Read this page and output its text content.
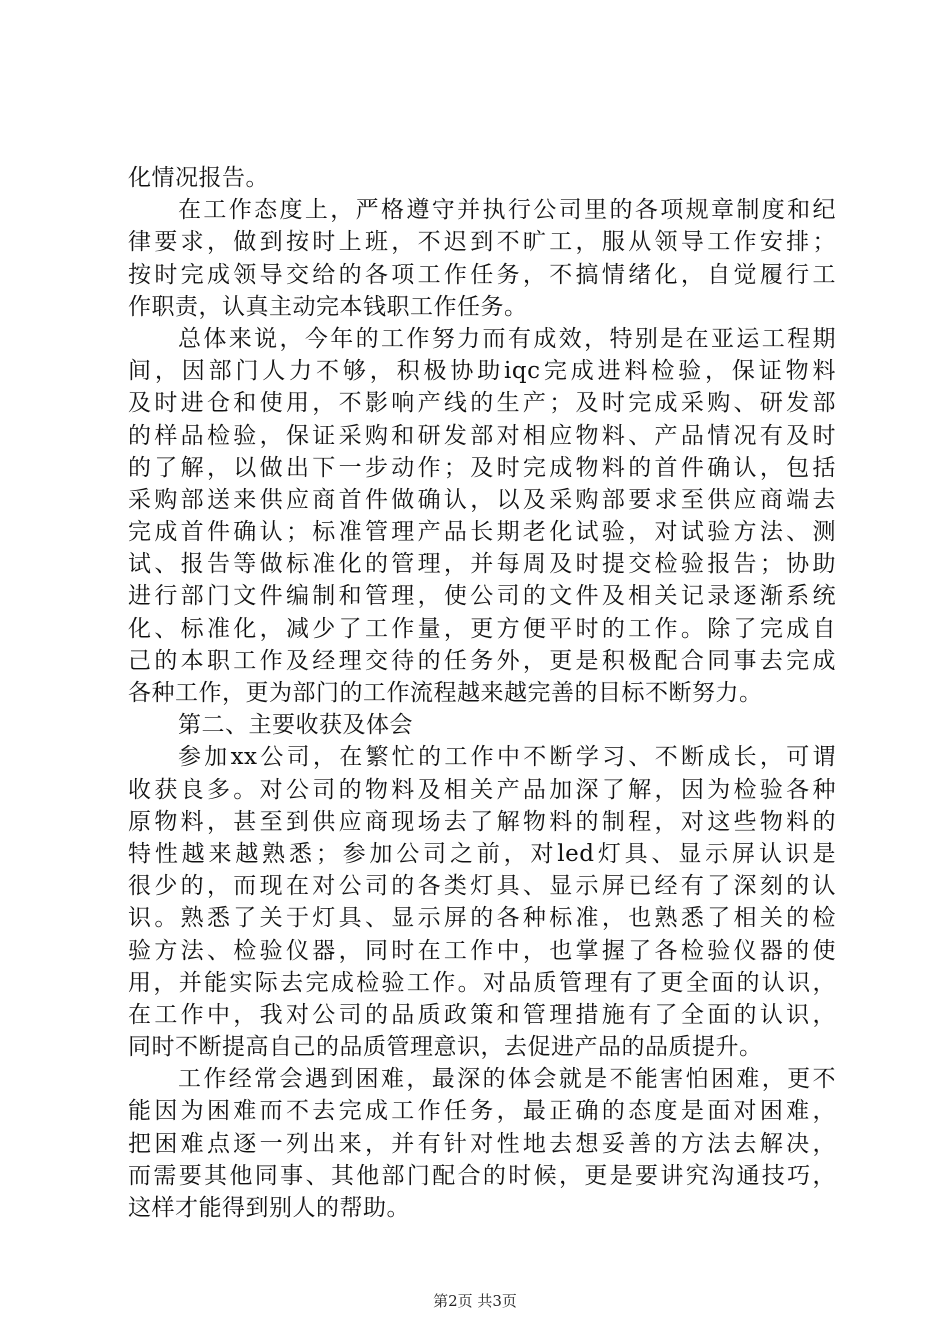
化情况报告。
在工作态度上，严格遵守并执行公司里的各项规章制度和纪
律要求，做到按时上班，不迟到不旷工，服从领导工作安排；
按时完成领导交给的各项工作任务，不搞情绪化，自觉履行工
作职责，认真主动完本钱职工作任务。
总体来说，今年的工作努力而有成效，特别是在亚运工程期
间，因部门人力不够，积极协助iqc完成进料检验，保证物料
及时进仓和使用，不影响产线的生产；及时完成采购、研发部
的样品检验，保证采购和研发部对相应物料、产品情况有及时
的了解，以做出下一步动作；及时完成物料的首件确认，包括
采购部送来供应商首件做确认，以及采购部要求至供应商端去
完成首件确认；标准管理产品长期老化试验，对试验方法、测
试、报告等做标准化的管理，并每周及时提交检验报告；协助
进行部门文件编制和管理，使公司的文件及相关记录逐渐系统
化、标准化，减少了工作量，更方便平时的工作。除了完成自
己的本职工作及经理交待的任务外，更是积极配合同事去完成
各种工作，更为部门的工作流程越来越完善的目标不断努力。
第二、主要收获及体会
参加xx公司，在繁忙的工作中不断学习、不断成长，可谓
收获良多。对公司的物料及相关产品加深了解，因为检验各种
原物料，甚至到供应商现场去了解物料的制程，对这些物料的
特性越来越熟悉；参加公司之前，对led灯具、显示屏认识是
很少的，而现在对公司的各类灯具、显示屏已经有了深刻的认
识。熟悉了关于灯具、显示屏的各种标准，也熟悉了相关的检
验方法、检验仪器，同时在工作中，也掌握了各检验仪器的使
用，并能实际去完成检验工作。对品质管理有了更全面的认识，
在工作中，我对公司的品质政策和管理措施有了全面的认识，
同时不断提高自己的品质管理意识，去促进产品的品质提升。
工作经常会遇到困难，最深的体会就是不能害怕困难，更不
能因为困难而不去完成工作任务，最正确的态度是面对困难，
把困难点逐一列出来，并有针对性地去想妥善的方法去解决，
而需要其他同事、其他部门配合的时候，更是要讲究沟通技巧，
这样才能得到别人的帮助。
第2页 共3页
